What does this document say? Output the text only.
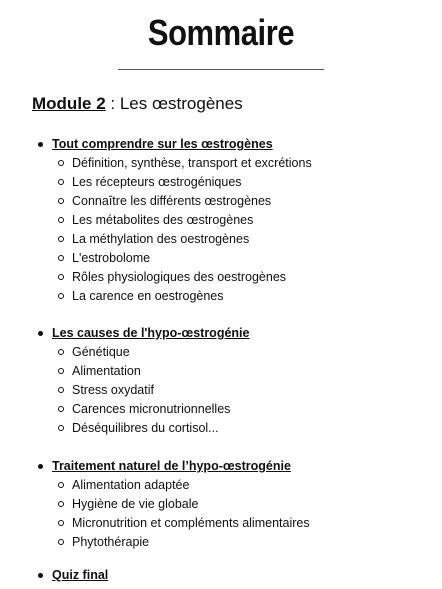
Sommaire
Module 2 : Les œstrogènes
Tout comprendre sur les œstrogènes
Définition, synthèse, transport et excrétions
Les récepteurs œstrogéniques
Connaître les différents œstrogènes
Les métabolites des œstrogènes
La méthylation des oestrogènes
L'estrobolome
Rôles physiologiques des oestrogènes
La carence en oestrogènes
Les causes de l'hypo-œstrogénie
Génétique
Alimentation
Stress oxydatif
Carences micronutrionnelles
Déséquilibres du cortisol...
Traitement naturel de l’hypo-œstrogénie
Alimentation adaptée
Hygiène de vie globale
Micronutrition et compléments alimentaires
Phytothérapie
Quiz final
